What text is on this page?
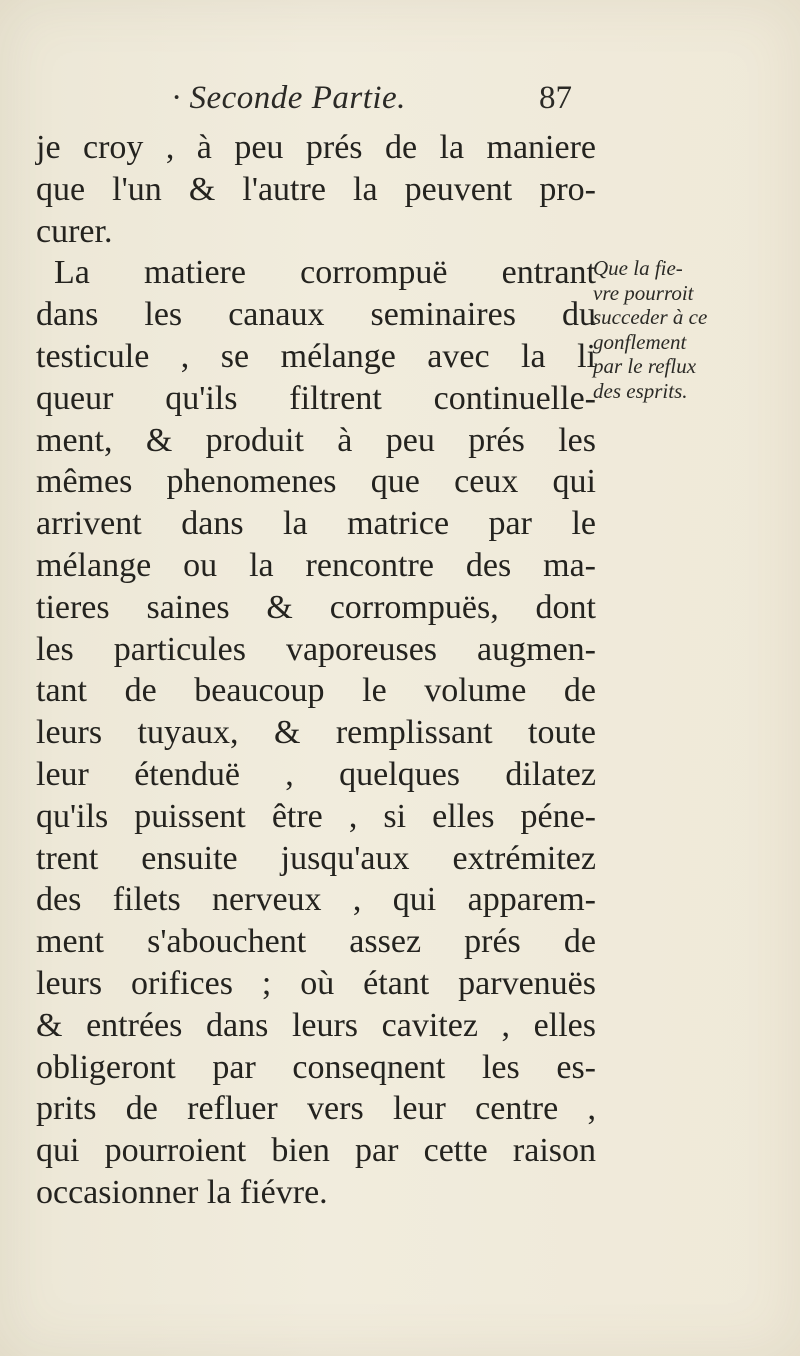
· Seconde Partie.	87
je croy , à peu prés de la maniere
que l'un & l'autre la peuvent pro-
curer.
La matiere corrompuë entrant
dans les canaux seminaires du
testicule , se mélange avec la li
queur qu'ils filtrent continuelle-
ment, & produit à peu prés les
mêmes phenomenes que ceux qui
arrivent dans la matrice par le
mélange ou la rencontre des ma-
tieres saines & corrompuës, dont
les particules vaporeuses augmen-
tant de beaucoup le volume de
leurs tuyaux, & remplissant toute
leur étenduë , quelques dilatez
qu'ils puissent être , si elles péne-
trent ensuite jusqu'aux extrémitez
des filets nerveux , qui apparem-
ment s'abouchent assez prés de
leurs orifices ; où étant parvenuës
& entrées dans leurs cavitez , elles
obligeront par conseqnent les es-
prits de refluer vers leur centre ,
qui pourroient bien par cette raison
occasionner la fiévre.
Que la fie-
vre pourroit
succeder à ce
gonflement
par le reflux
des esprits.
